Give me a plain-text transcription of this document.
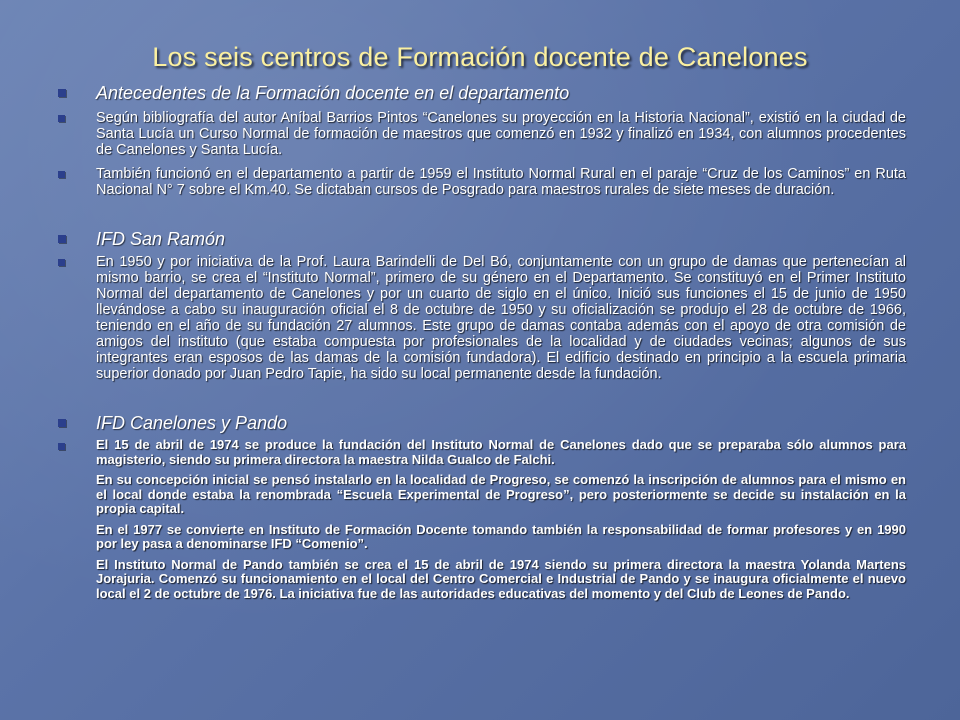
Los seis centros de Formación docente de Canelones
Antecedentes de la Formación docente en el departamento
Según bibliografía del autor Aníbal Barrios Pintos “Canelones su proyección en la Historia Nacional”, existió en la ciudad de Santa Lucía un Curso Normal de formación de maestros que comenzó en 1932 y finalizó en 1934, con alumnos procedentes de Canelones y Santa Lucía.
También funcionó en el departamento a partir de 1959 el Instituto Normal Rural en el paraje “Cruz de los Caminos” en Ruta Nacional N° 7 sobre el Km.40. Se dictaban cursos de Posgrado para maestros rurales de siete meses de duración.
IFD San Ramón
En 1950 y por iniciativa de la Prof. Laura Barindelli de Del Bó, conjuntamente con un grupo de damas que pertenecían al mismo barrio, se crea el “Instituto Normal”, primero de su género en el Departamento. Se constituyó en el Primer Instituto Normal del departamento de Canelones y por un cuarto de siglo en el único. Inició sus funciones el 15 de junio de 1950 llevándose a cabo su inauguración oficial el 8 de octubre de 1950 y su oficialización se produjo el 28 de octubre de 1966, teniendo en el año de su fundación 27 alumnos. Este grupo de damas contaba además con el apoyo de otra comisión de amigos del instituto (que estaba compuesta por profesionales de la localidad y de ciudades vecinas; algunos de sus integrantes eran esposos de las damas de la comisión fundadora). El edificio destinado en principio a la escuela primaria superior donado por Juan Pedro Tapie, ha sido su local permanente desde la fundación.
IFD Canelones y Pando
El 15 de abril de 1974 se produce la fundación del Instituto Normal de Canelones dado que se preparaba sólo alumnos para magisterio, siendo su primera directora la maestra Nilda Gualco de Falchi.
En su concepción inicial se pensó instalarlo en la localidad de Progreso, se comenzó la inscripción de alumnos para el mismo en el local donde estaba la renombrada “Escuela Experimental de Progreso”, pero posteriormente se decide su instalación en la propia capital.
En el 1977 se convierte en Instituto de Formación Docente tomando también la responsabilidad de formar profesores y en 1990 por ley pasa a denominarse IFD “Comenio”.
El Instituto Normal de Pando también se crea el 15 de abril de 1974 siendo su primera directora la maestra Yolanda Martens Jorajuria. Comenzó su funcionamiento en el local del Centro Comercial e Industrial de Pando y se inaugura oficialmente el nuevo local el 2 de octubre de 1976. La iniciativa fue de las autoridades educativas del momento y del Club de Leones de Pando.
